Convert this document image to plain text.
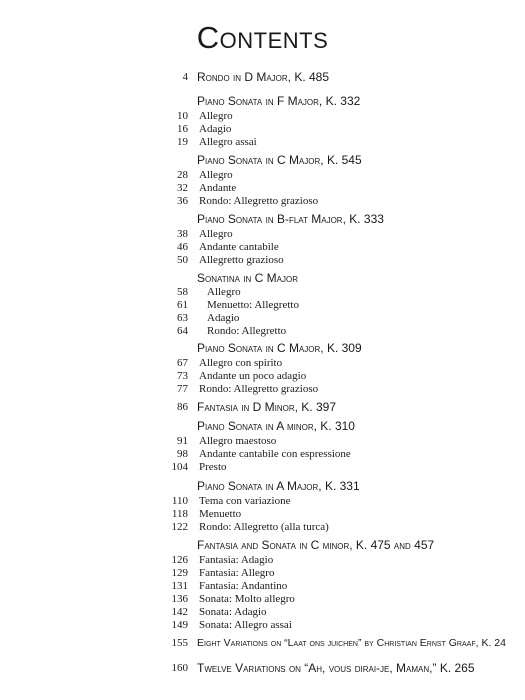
Contents
4 Rondo in D Major, K. 485
Piano Sonata in F Major, K. 332
10 Allegro
16 Adagio
19 Allegro assai
Piano Sonata in C Major, K. 545
28 Allegro
32 Andante
36 Rondo: Allegretto grazioso
Piano Sonata in B-flat Major, K. 333
38 Allegro
46 Andante cantabile
50 Allegretto grazioso
Sonatina in C Major
58 Allegro
61 Menuetto: Allegretto
63 Adagio
64 Rondo: Allegretto
Piano Sonata in C Major, K. 309
67 Allegro con spirito
73 Andante un poco adagio
77 Rondo: Allegretto grazioso
86 Fantasia in D Minor, K. 397
Piano Sonata in A minor, K. 310
91 Allegro maestoso
98 Andante cantabile con espressione
104 Presto
Piano Sonata in A Major, K. 331
110 Tema con variazione
118 Menuetto
122 Rondo: Allegretto (alla turca)
Fantasia and Sonata in C minor, K. 475 and 457
126 Fantasia: Adagio
129 Fantasia: Allegro
131 Fantasia: Andantino
136 Sonata: Molto allegro
142 Sonata: Adagio
149 Sonata: Allegro assai
155 Eight Variations on “Laat ons juichen” by Christian Ernst Graaf, K. 24
160 Twelve Variations on “Ah, vous dirai-je, Maman,” K. 265
